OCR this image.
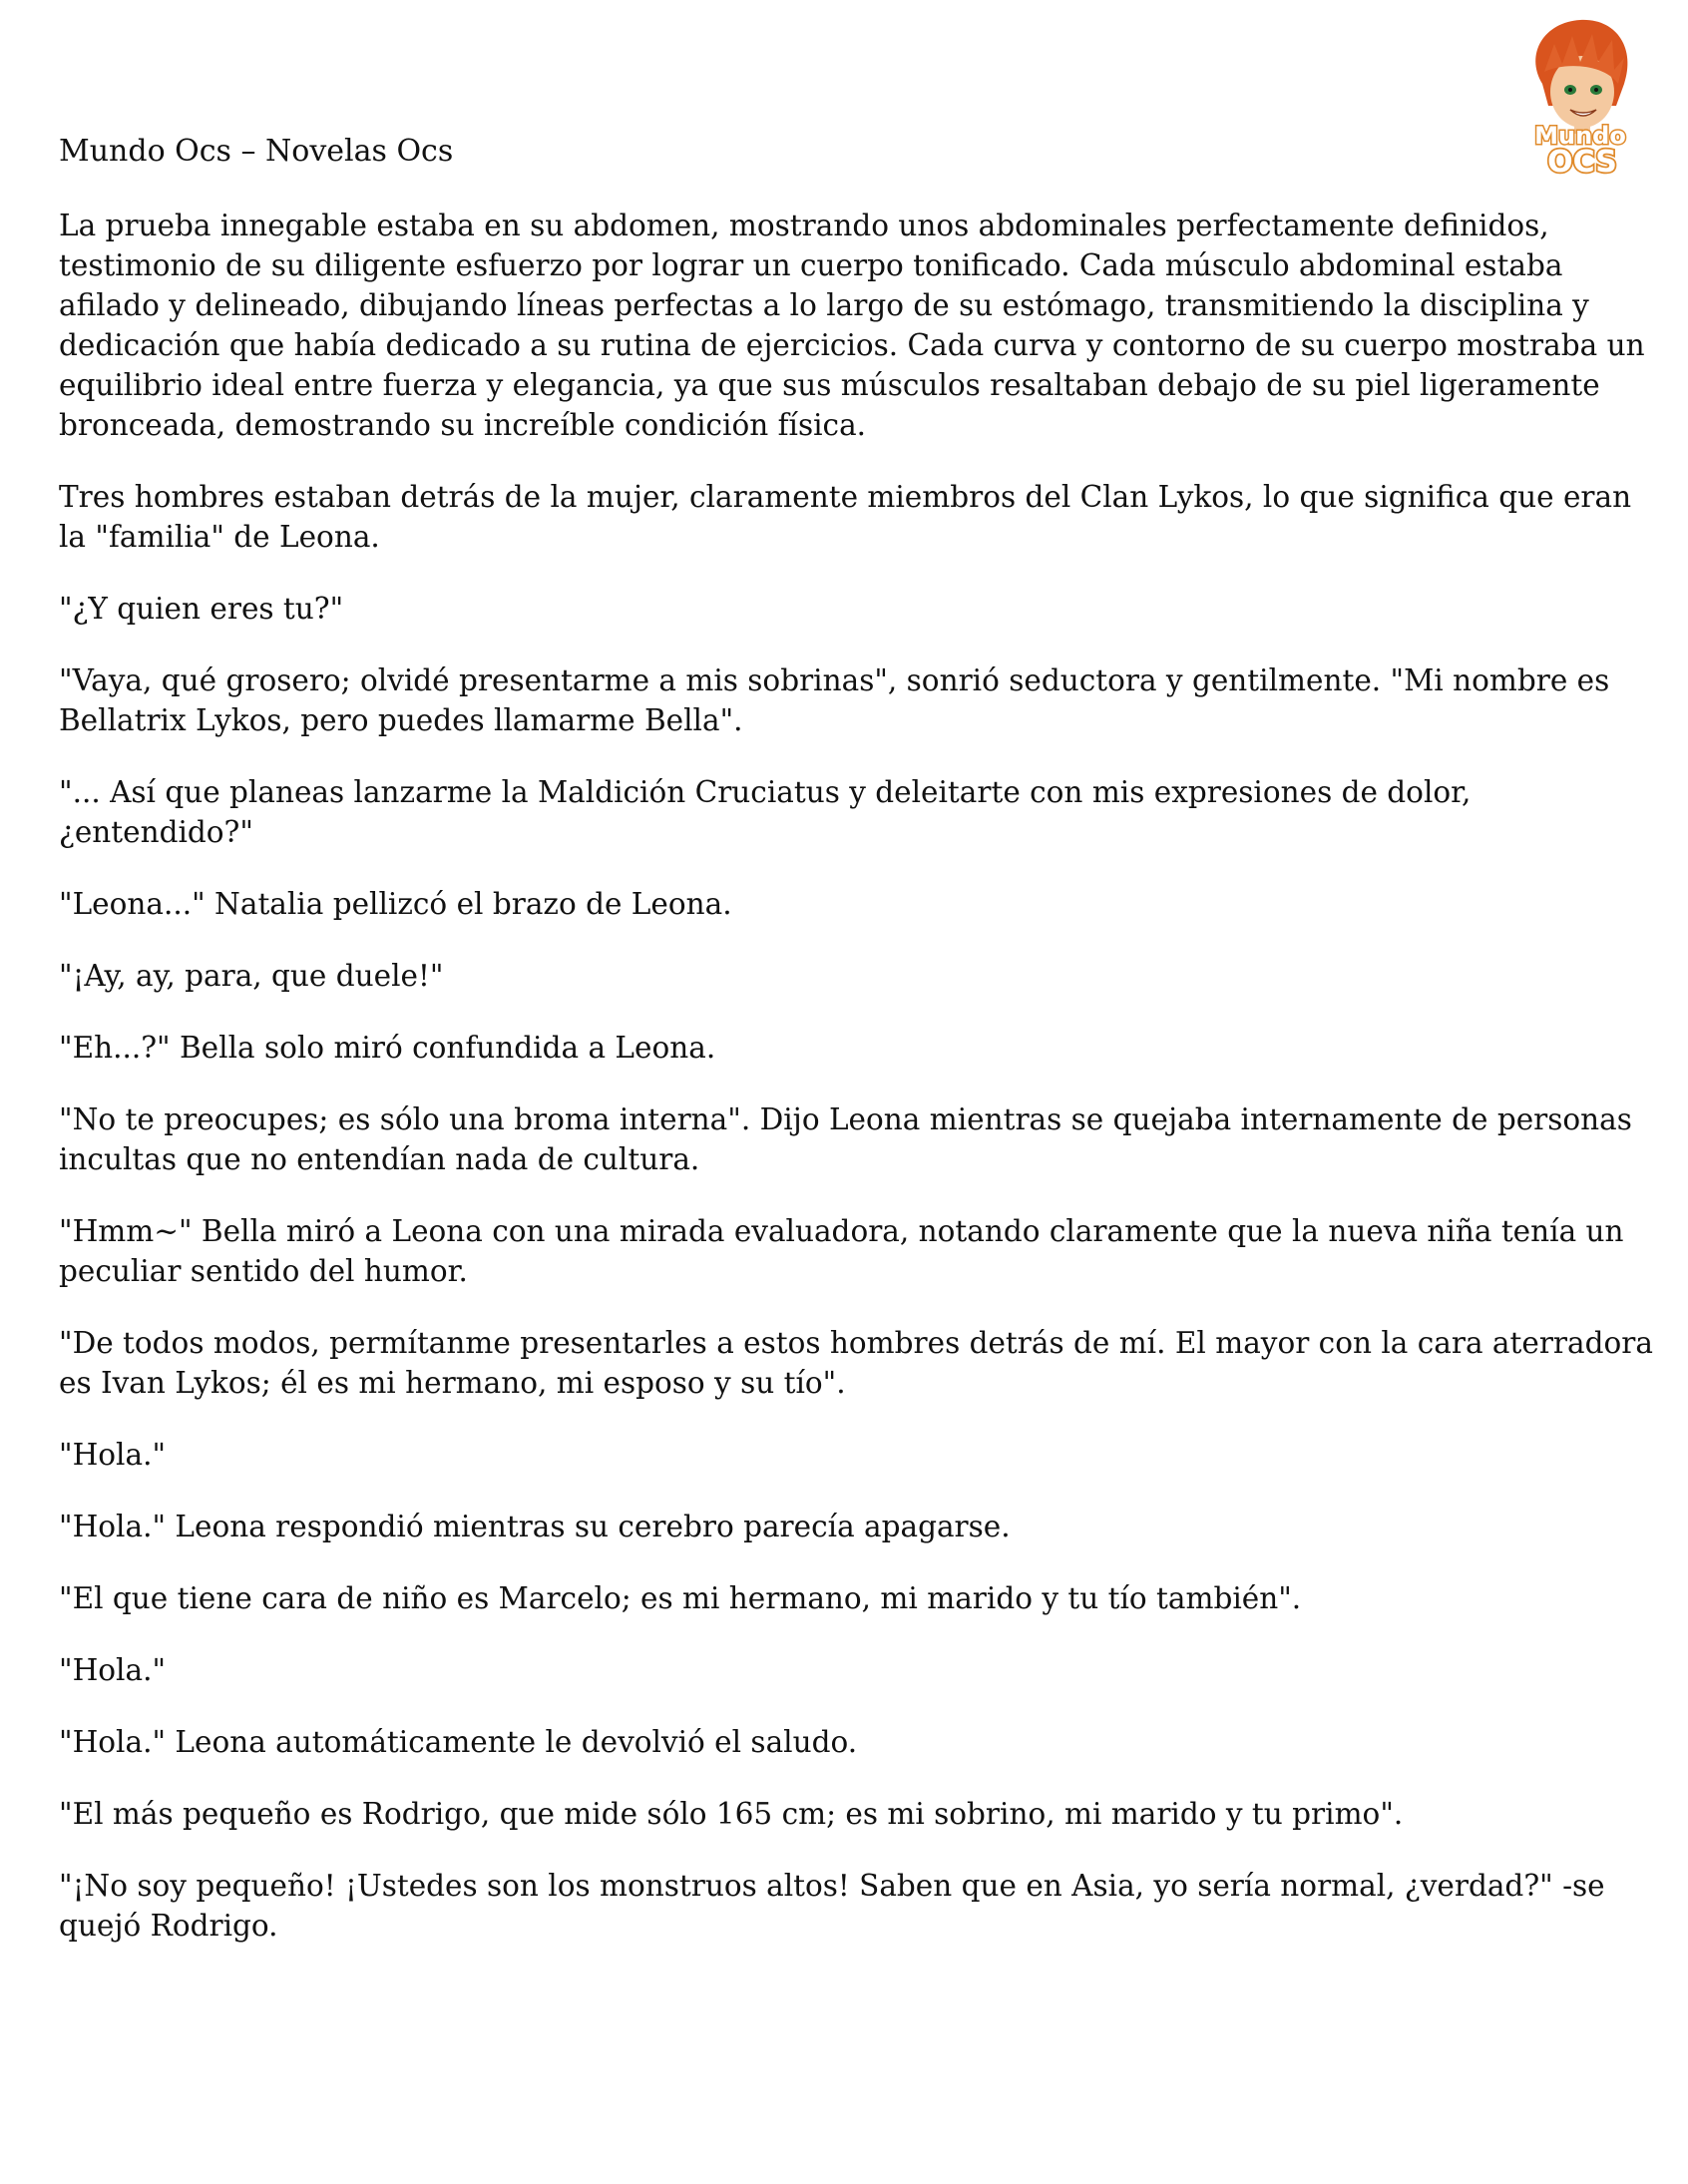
Mundo Ocs – Novelas Ocs	Mundo
OCS

La prueba innegable estaba en su abdomen, mostrando unos abdominales perfectamente definidos, testimonio de su diligente esfuerzo por lograr un cuerpo tonificado. Cada músculo abdominal estaba afilado y delineado, dibujando líneas perfectas a lo largo de su estómago, transmitiendo la disciplina y dedicación que había dedicado a su rutina de ejercicios. Cada curva y contorno de su cuerpo mostraba un equilibrio ideal entre fuerza y elegancia, ya que sus músculos resaltaban debajo de su piel ligeramente bronceada, demostrando su increíble condición física.

Tres hombres estaban detrás de la mujer, claramente miembros del Clan Lykos, lo que significa que eran la "familia" de Leona.

"¿Y quien eres tu?"

"Vaya, qué grosero; olvidé presentarme a mis sobrinas", sonrió seductora y gentilmente. "Mi nombre es Bellatrix Lykos, pero puedes llamarme Bella".

"... Así que planeas lanzarme la Maldición Cruciatus y deleitarte con mis expresiones de dolor, ¿entendido?"

"Leona..." Natalia pellizcó el brazo de Leona.

"¡Ay, ay, para, que duele!"

"Eh...?" Bella solo miró confundida a Leona.

"No te preocupes; es sólo una broma interna". Dijo Leona mientras se quejaba internamente de personas incultas que no entendían nada de cultura.

"Hmm~" Bella miró a Leona con una mirada evaluadora, notando claramente que la nueva niña tenía un peculiar sentido del humor.

"De todos modos, permítanme presentarles a estos hombres detrás de mí. El mayor con la cara aterradora es Ivan Lykos; él es mi hermano, mi esposo y su tío".

"Hola."

"Hola." Leona respondió mientras su cerebro parecía apagarse.

"El que tiene cara de niño es Marcelo; es mi hermano, mi marido y tu tío también".

"Hola."

"Hola." Leona automáticamente le devolvió el saludo.

"El más pequeño es Rodrigo, que mide sólo 165 cm; es mi sobrino, mi marido y tu primo".

"¡No soy pequeño! ¡Ustedes son los monstruos altos! Saben que en Asia, yo sería normal, ¿verdad?" -se quejó Rodrigo.
